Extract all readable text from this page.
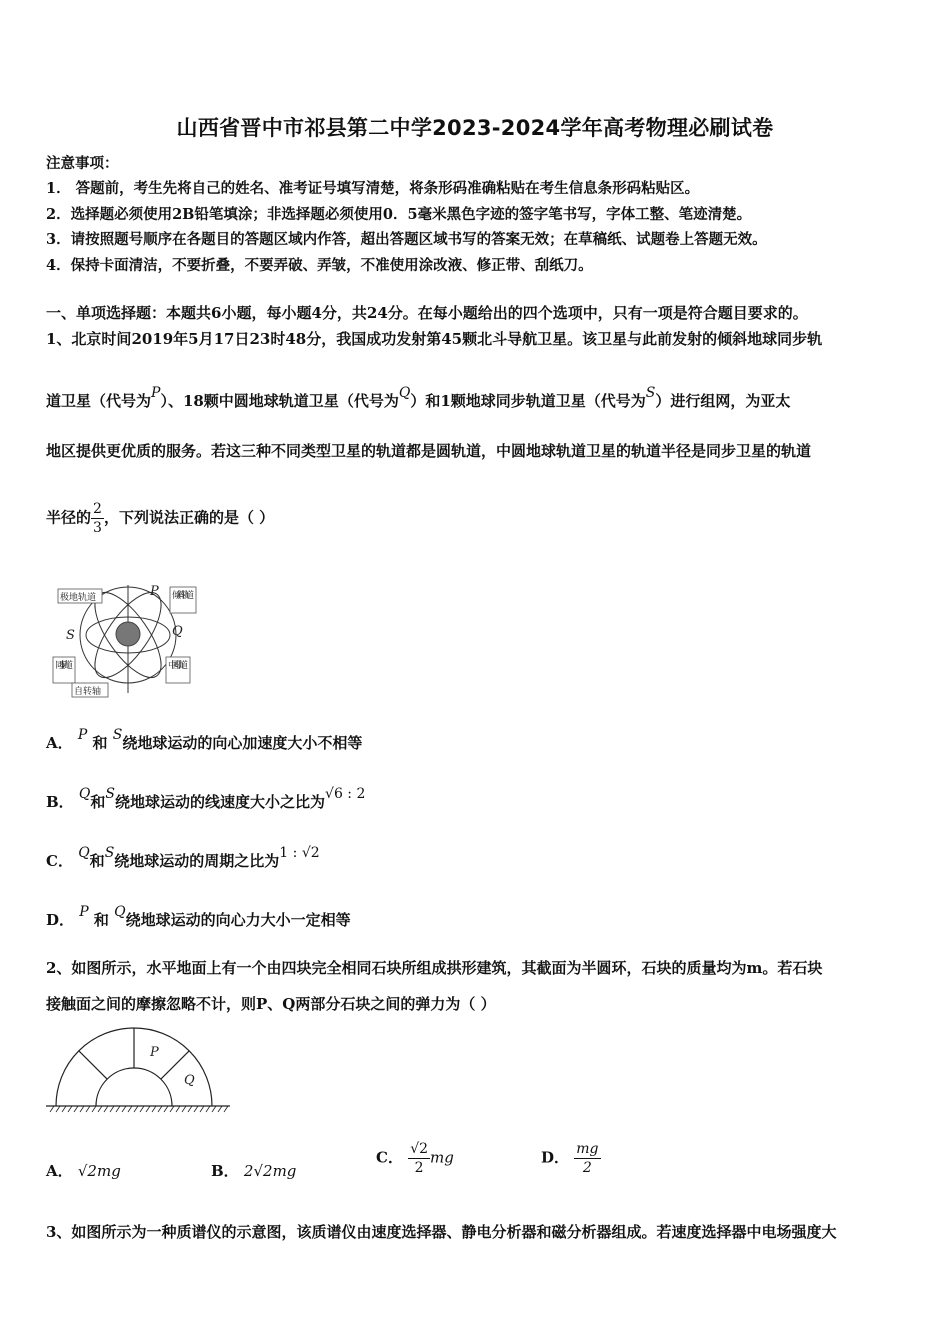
山西省晋中市祁县第二中学2023-2024学年高考物理必刷试卷
注意事项：
1． 答题前，考生先将自己的姓名、准考证号填写清楚，将条形码准确粘贴在考生信息条形码粘贴区。
2．选择题必须使用2B铅笔填涂；非选择题必须使用0．5毫米黑色字迹的签字笔书写，字体工整、笔迹清楚。
3．请按照题号顺序在各题目的答题区域内作答，超出答题区域书写的答案无效；在草稿纸、试题卷上答题无效。
4．保持卡面清洁，不要折叠，不要弄破、弄皱，不准使用涂改液、修正带、刮纸刀。
一、单项选择题：本题共6小题，每小题4分，共24分。在每小题给出的四个选项中，只有一项是符合题目要求的。
1、北京时间2019年5月17日23时48分，我国成功发射第45颗北斗导航卫星。该卫星与此前发射的倾斜地球同步轨
道卫星（代号为P）、18颗中圆地球轨道卫星（代号为Q）和1颗地球同步轨道卫星（代号为S）进行组网，为亚太
地区提供更优质的服务。若这三种不同类型卫星的轨道都是圆轨道，中圆地球轨道卫星的轨道半径是同步卫星的轨道
半径的 $\frac{2}{3}$ ，下列说法正确的是（ ）
极地轨道	倾斜轨道
同步轨道	中圆轨道
自转轴
P
Q
S
A． P 和 S绕地球运动的向心加速度大小不相等
B． Q和S绕地球运动的线速度大小之比为√6 : 2
C． Q和S绕地球运动的周期之比为1 : √2
D． P 和 Q绕地球运动的向心力大小一定相等
2、如图所示，水平地面上有一个由四块完全相同石块所组成拱形建筑，其截面为半圆环，石块的质量均为m。若石块
接触面之间的摩擦忽略不计，则P、Q两部分石块之间的弹力为（ ）
P
Q
A． √2mg	B． 2√2mg
C． $\frac{√2}{2}$ mg	D． $\frac{mg}{2}$
3、如图所示为一种质谱仪的示意图，该质谱仪由速度选择器、静电分析器和磁分析器组成。若速度选择器中电场强度大
